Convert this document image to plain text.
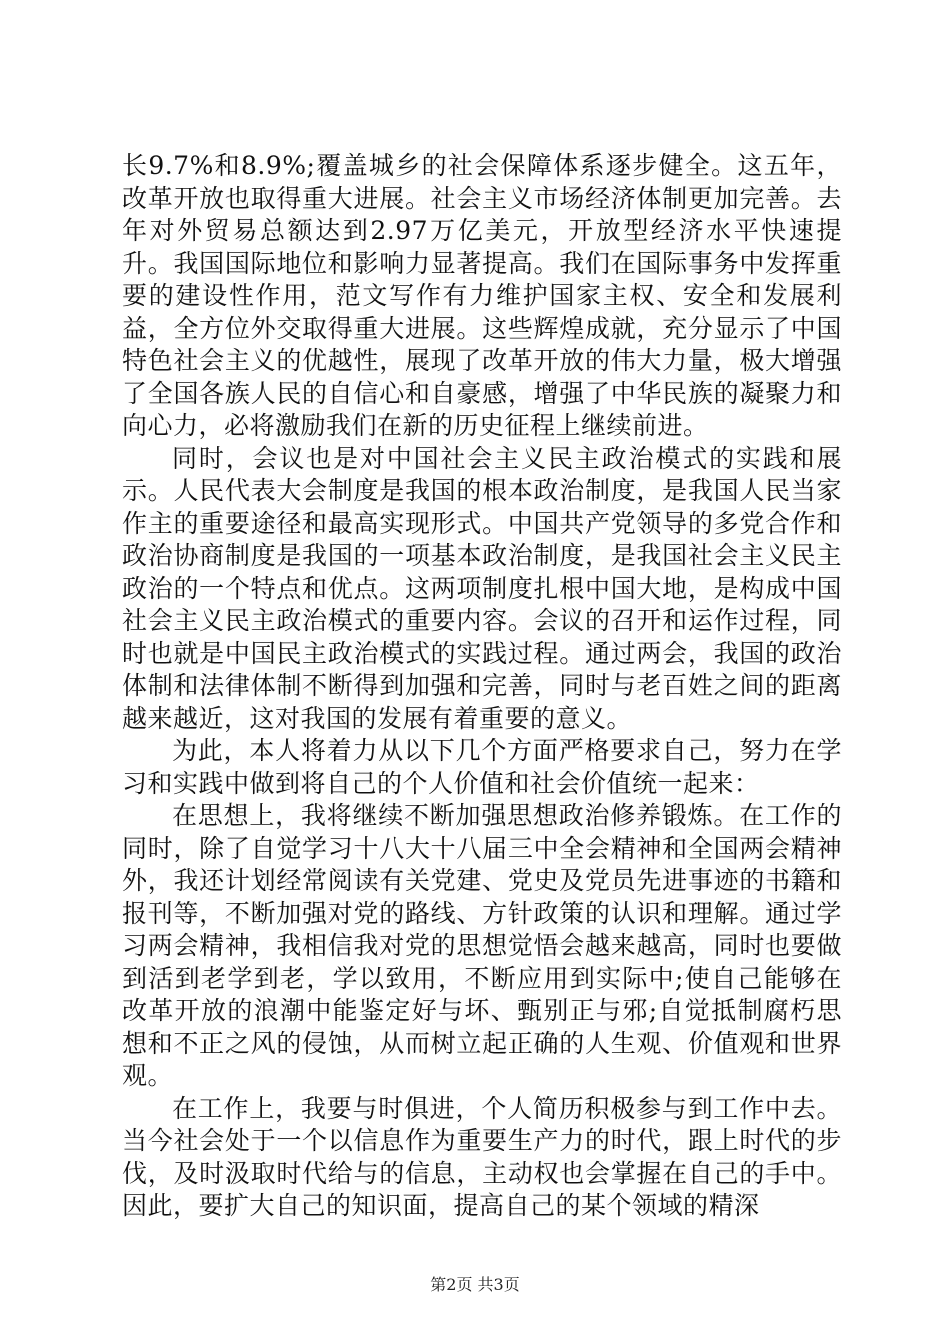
长9.7%和8.9%;覆盖城乡的社会保障体系逐步健全。这五年，改革开放也取得重大进展。社会主义市场经济体制更加完善。去年对外贸易总额达到2.97万亿美元，开放型经济水平快速提升。我国国际地位和影响力显著提高。我们在国际事务中发挥重要的建设性作用，范文写作有力维护国家主权、安全和发展利益，全方位外交取得重大进展。这些辉煌成就，充分显示了中国特色社会主义的优越性，展现了改革开放的伟大力量，极大增强了全国各族人民的自信心和自豪感，增强了中华民族的凝聚力和向心力，必将激励我们在新的历史征程上继续前进。

同时，会议也是对中国社会主义民主政治模式的实践和展示。人民代表大会制度是我国的根本政治制度，是我国人民当家作主的重要途径和最高实现形式。中国共产党领导的多党合作和政治协商制度是我国的一项基本政治制度，是我国社会主义民主政治的一个特点和优点。这两项制度扎根中国大地，是构成中国社会主义民主政治模式的重要内容。会议的召开和运作过程，同时也就是中国民主政治模式的实践过程。通过两会，我国的政治体制和法律体制不断得到加强和完善，同时与老百姓之间的距离越来越近，这对我国的发展有着重要的意义。

为此，本人将着力从以下几个方面严格要求自己，努力在学习和实践中做到将自己的个人价值和社会价值统一起来：

在思想上，我将继续不断加强思想政治修养锻炼。在工作的同时，除了自觉学习十八大十八届三中全会精神和全国两会精神外，我还计划经常阅读有关党建、党史及党员先进事迹的书籍和报刊等，不断加强对党的路线、方针政策的认识和理解。通过学习两会精神，我相信我对党的思想觉悟会越来越高，同时也要做到活到老学到老，学以致用，不断应用到实际中;使自己能够在改革开放的浪潮中能鉴定好与坏、甄别正与邪;自觉抵制腐朽思想和不正之风的侵蚀，从而树立起正确的人生观、价值观和世界观。

在工作上，我要与时俱进，个人简历积极参与到工作中去。当今社会处于一个以信息作为重要生产力的时代，跟上时代的步伐，及时汲取时代给与的信息，主动权也会掌握在自己的手中。因此，要扩大自己的知识面，提高自己的某个领域的精深

第2页 共3页
